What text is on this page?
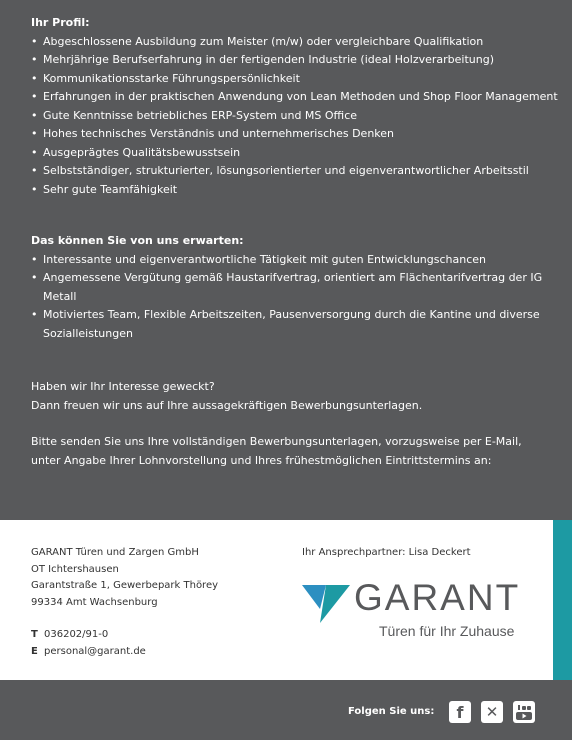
Ihr Profil:
• Abgeschlossene Ausbildung zum Meister (m/w) oder vergleichbare Qualifikation
• Mehrjährige Berufserfahrung in der fertigenden Industrie (ideal Holzverarbeitung)
• Kommunikationsstarke Führungspersönlichkeit
• Erfahrungen in der praktischen Anwendung von Lean Methoden und Shop Floor Management
• Gute Kenntnisse betriebliches ERP-System und MS Office
• Hohes technisches Verständnis und unternehmerisches Denken
• Ausgeprägtes Qualitätsbewusstsein
• Selbstständiger, strukturierter, lösungsorientierter und eigenverantwortlicher Arbeitsstil
• Sehr gute Teamfähigkeit
Das können Sie von uns erwarten:
• Interessante und eigenverantwortliche Tätigkeit mit guten Entwicklungschancen
• Angemessene Vergütung gemäß Haustarifvertrag, orientiert am Flächentarifvertrag der IG Metall
• Motiviertes Team, Flexible Arbeitszeiten, Pausenversorgung durch die Kantine und diverse Sozialleistungen
Haben wir Ihr Interesse geweckt?
Dann freuen wir uns auf Ihre aussagekräftigen Bewerbungsunterlagen.
Bitte senden Sie uns Ihre vollständigen Bewerbungsunterlagen, vorzugsweise per E-Mail,
unter Angabe Ihrer Lohnvorstellung und Ihres frühestmöglichen Eintrittstermins an:
GARANT Türen und Zargen GmbH
OT Ichtershausen
Garantstraße 1, Gewerbepark Thörey
99334 Amt Wachsenburg
T 036202/91-0
E personal@garant.de
Ihr Ansprechpartner: Lisa Deckert
GARANT
Türen für Ihr Zuhause
Folgen Sie uns:	f	✕
